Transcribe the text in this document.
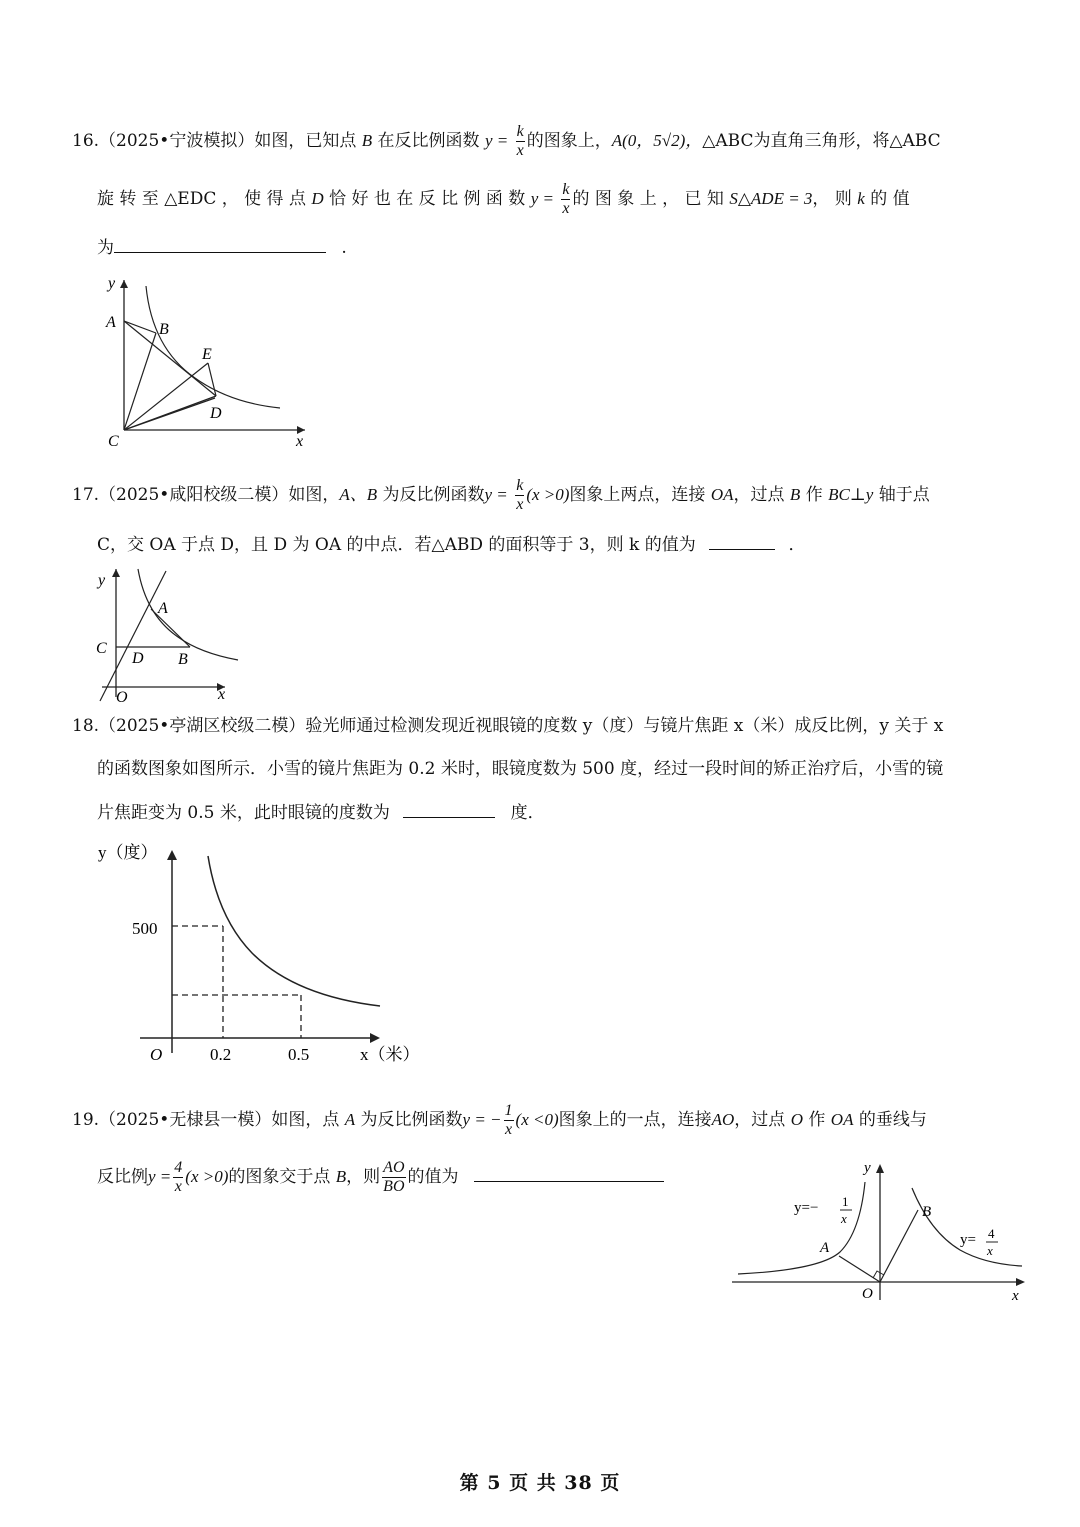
16.（2025•宁波模拟）如图，已知点 B 在反比例函数 $y = \frac{k}{x}$ 的图象上，A(0，5√2)，△ABC为直角三角形，将△ABC
旋 转 至 △EDC ， 使 得 点 D 恰 好 也 在 反 比 例 函 数 $y = \frac{k}{x}$ 的 图 象 上 ， 已 知 S△ADE = 3， 则 k 的 值
为	.
y
A	B
E
D
C	x
17.（2025•咸阳校级二模）如图，A、B 为反比例函数$y = \frac{k}{x} (x >0)$图象上两点，连接 OA，过点 B 作 BC⊥y 轴于点
C，交 OA 于点 D，且 D 为 OA 的中点．若△ABD 的面积等于 3，则 k 的值为	．
y
A
C
D B
O	x
18.（2025•亭湖区校级二模）验光师通过检测发现近视眼镜的度数 y（度）与镜片焦距 x（米）成反比例，y 关于 x
的函数图象如图所示．小雪的镜片焦距为 0.2 米时，眼镜度数为 500 度，经过一段时间的矫正治疗后，小雪的镜
片焦距变为 0.5 米，此时眼镜的度数为	度．
y（度）
500
O	0.2	0.5	x（米）
19.（2025•无棣县一模）如图，点 A 为反比例函数y = − $\frac{1}{x} (x <0)$图象上的一点，连接AO，过点 O 作 OA 的垂线与
反比例$y = \frac{4}{x} (x >0)$的图象交于点 B，则 $\frac{AO}{BO}$ 的值为	y
y=− 1
x
A
B
y= 4
x
O	x
第 5 页 共 38 页
